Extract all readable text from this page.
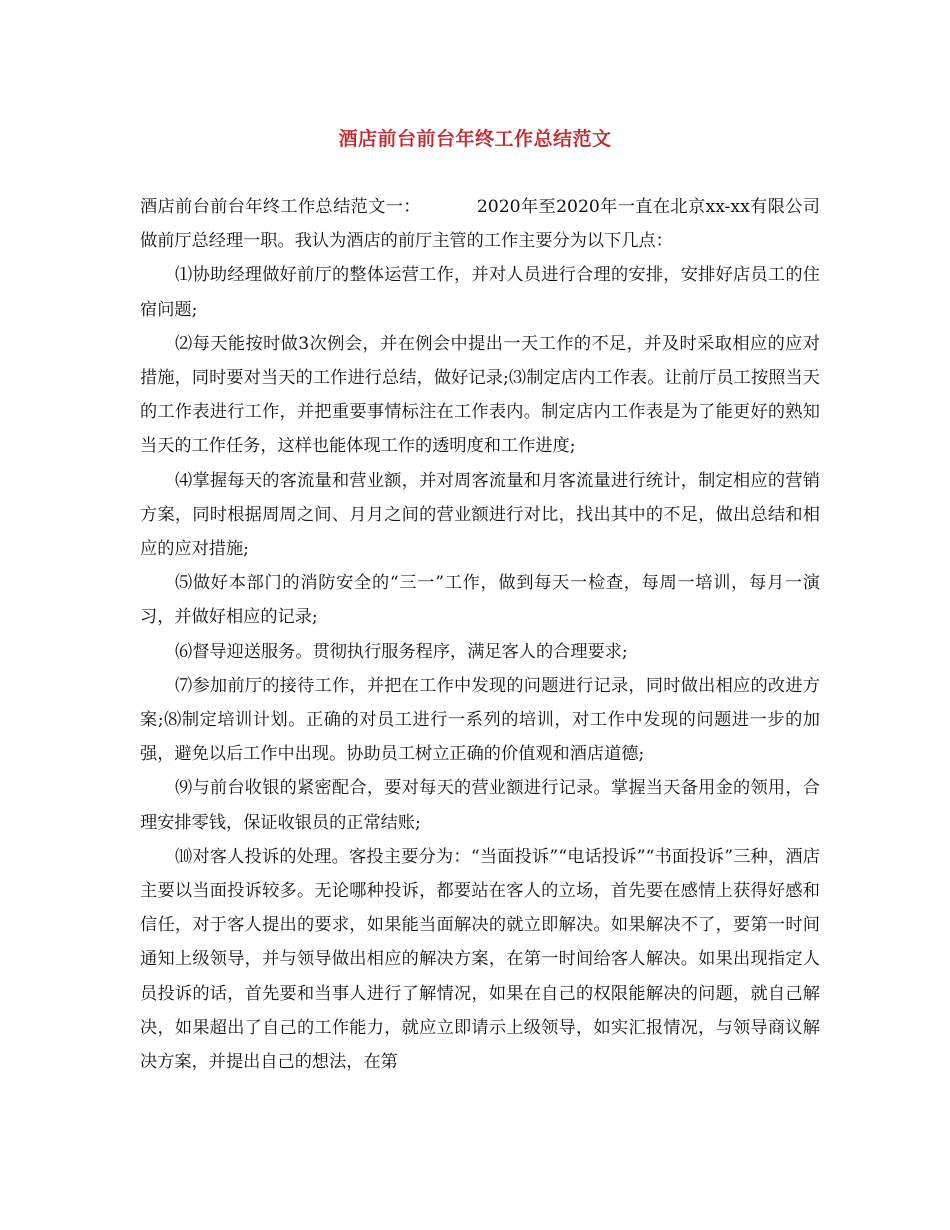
酒店前台前台年终工作总结范文

酒店前台前台年终工作总结范文一：	2020年至2020年一直在北京xx-xx有限公司做前厅总经理一职。我认为酒店的前厅主管的工作主要分为以下几点：

⑴协助经理做好前厅的整体运营工作，并对人员进行合理的安排，安排好店员工的住宿问题;

⑵每天能按时做3次例会，并在例会中提出一天工作的不足，并及时采取相应的应对措施，同时要对当天的工作进行总结，做好记录;⑶制定店内工作表。让前厅员工按照当天的工作表进行工作，并把重要事情标注在工作表内。制定店内工作表是为了能更好的熟知当天的工作任务，这样也能体现工作的透明度和工作进度;

⑷掌握每天的客流量和营业额，并对周客流量和月客流量进行统计，制定相应的营销方案，同时根据周周之间、月月之间的营业额进行对比，找出其中的不足，做出总结和相应的应对措施;

⑸做好本部门的消防安全的“三一”工作，做到每天一检查，每周一培训，每月一演习，并做好相应的记录;

⑹督导迎送服务。贯彻执行服务程序，满足客人的合理要求;

⑺参加前厅的接待工作，并把在工作中发现的问题进行记录，同时做出相应的改进方案;⑻制定培训计划。正确的对员工进行一系列的培训，对工作中发现的问题进一步的加强，避免以后工作中出现。协助员工树立正确的价值观和酒店道德;

⑼与前台收银的紧密配合，要对每天的营业额进行记录。掌握当天备用金的领用，合理安排零钱，保证收银员的正常结账;

⑽对客人投诉的处理。客投主要分为：“当面投诉”“电话投诉”“书面投诉”三种，酒店主要以当面投诉较多。无论哪种投诉，都要站在客人的立场，首先要在感情上获得好感和信任，对于客人提出的要求，如果能当面解决的就立即解决。如果解决不了，要第一时间通知上级领导，并与领导做出相应的解决方案，在第一时间给客人解决。如果出现指定人员投诉的话，首先要和当事人进行了解情况，如果在自己的权限能解决的问题，就自己解决，如果超出了自己的工作能力，就应立即请示上级领导，如实汇报情况，与领导商议解决方案，并提出自己的想法，在第
